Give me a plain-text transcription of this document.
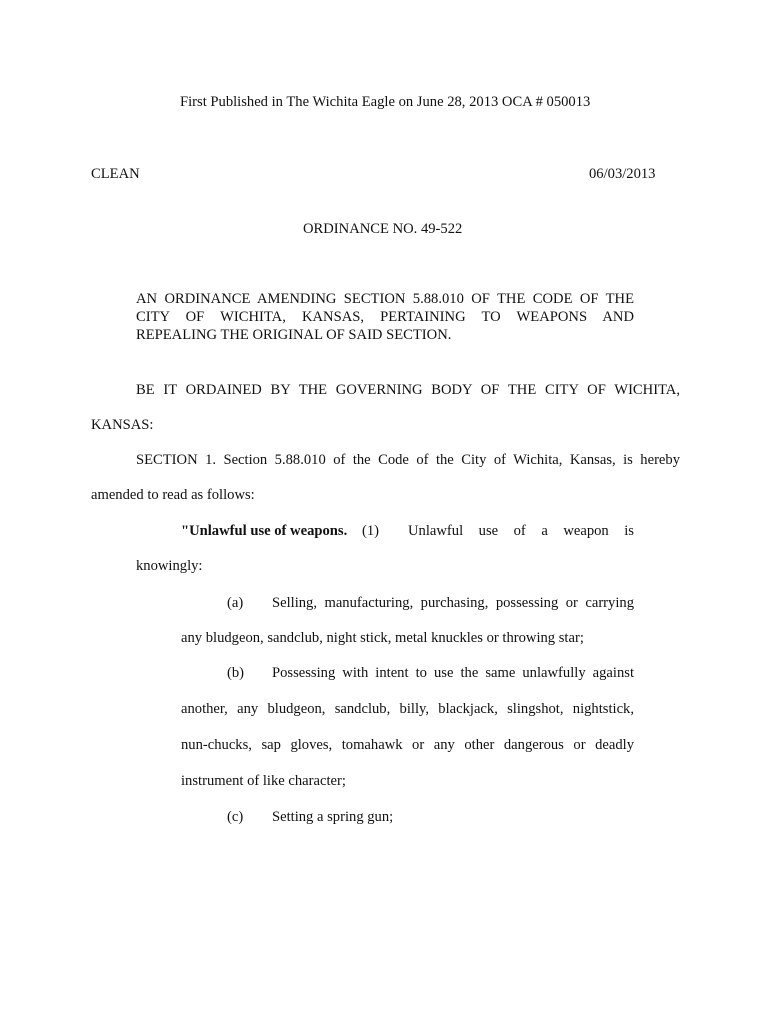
First Published in The Wichita Eagle on June 28, 2013 OCA # 050013
CLEAN	06/03/2013
ORDINANCE NO. 49-522
AN ORDINANCE AMENDING SECTION 5.88.010 OF THE CODE OF THE
CITY OF WICHITA, KANSAS, PERTAINING TO WEAPONS AND
REPEALING THE ORIGINAL OF SAID SECTION.
BE IT ORDAINED BY THE GOVERNING BODY OF THE CITY OF WICHITA,
KANSAS:
SECTION 1. Section 5.88.010 of the Code of the City of Wichita, Kansas, is hereby
amended to read as follows:
"Unlawful use of weapons. (1) Unlawful use of a weapon is
knowingly:
(a) Selling, manufacturing, purchasing, possessing or carrying
any bludgeon, sandclub, night stick, metal knuckles or throwing star;
(b) Possessing with intent to use the same unlawfully against
another, any bludgeon, sandclub, billy, blackjack, slingshot, nightstick,
nun-chucks, sap gloves, tomahawk or any other dangerous or deadly
instrument of like character;
(c) Setting a spring gun;
